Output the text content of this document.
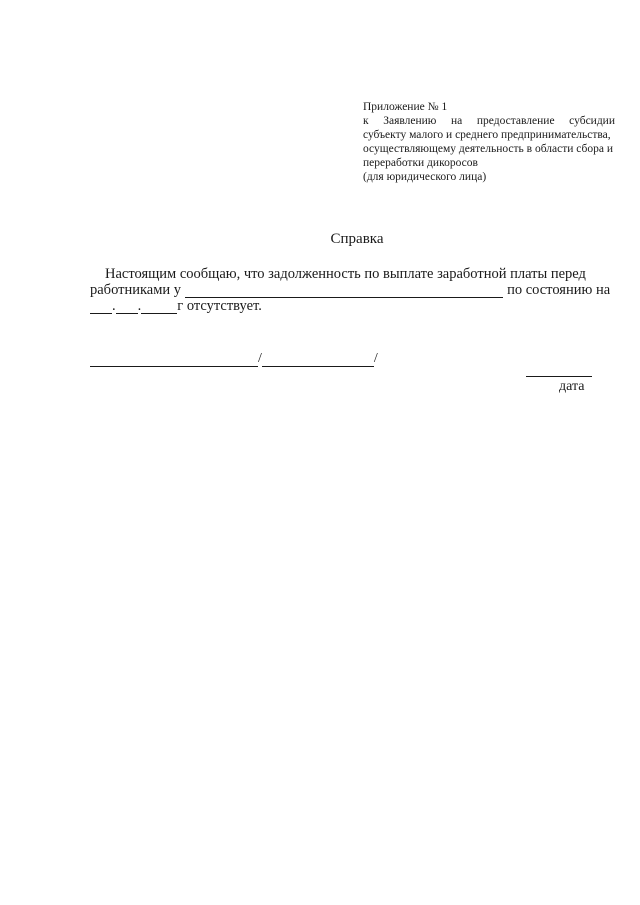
Приложение № 1
к Заявлению на предоставление субсидии
субъекту малого и среднего предпринимательства,
осуществляющему деятельность в области сбора и
переработки дикоросов
(для юридического лица)
Справка
Настоящим сообщаю, что задолженность по выплате заработной платы перед
работниками у	по состоянию на
. . г отсутствует.
/	/
дата
